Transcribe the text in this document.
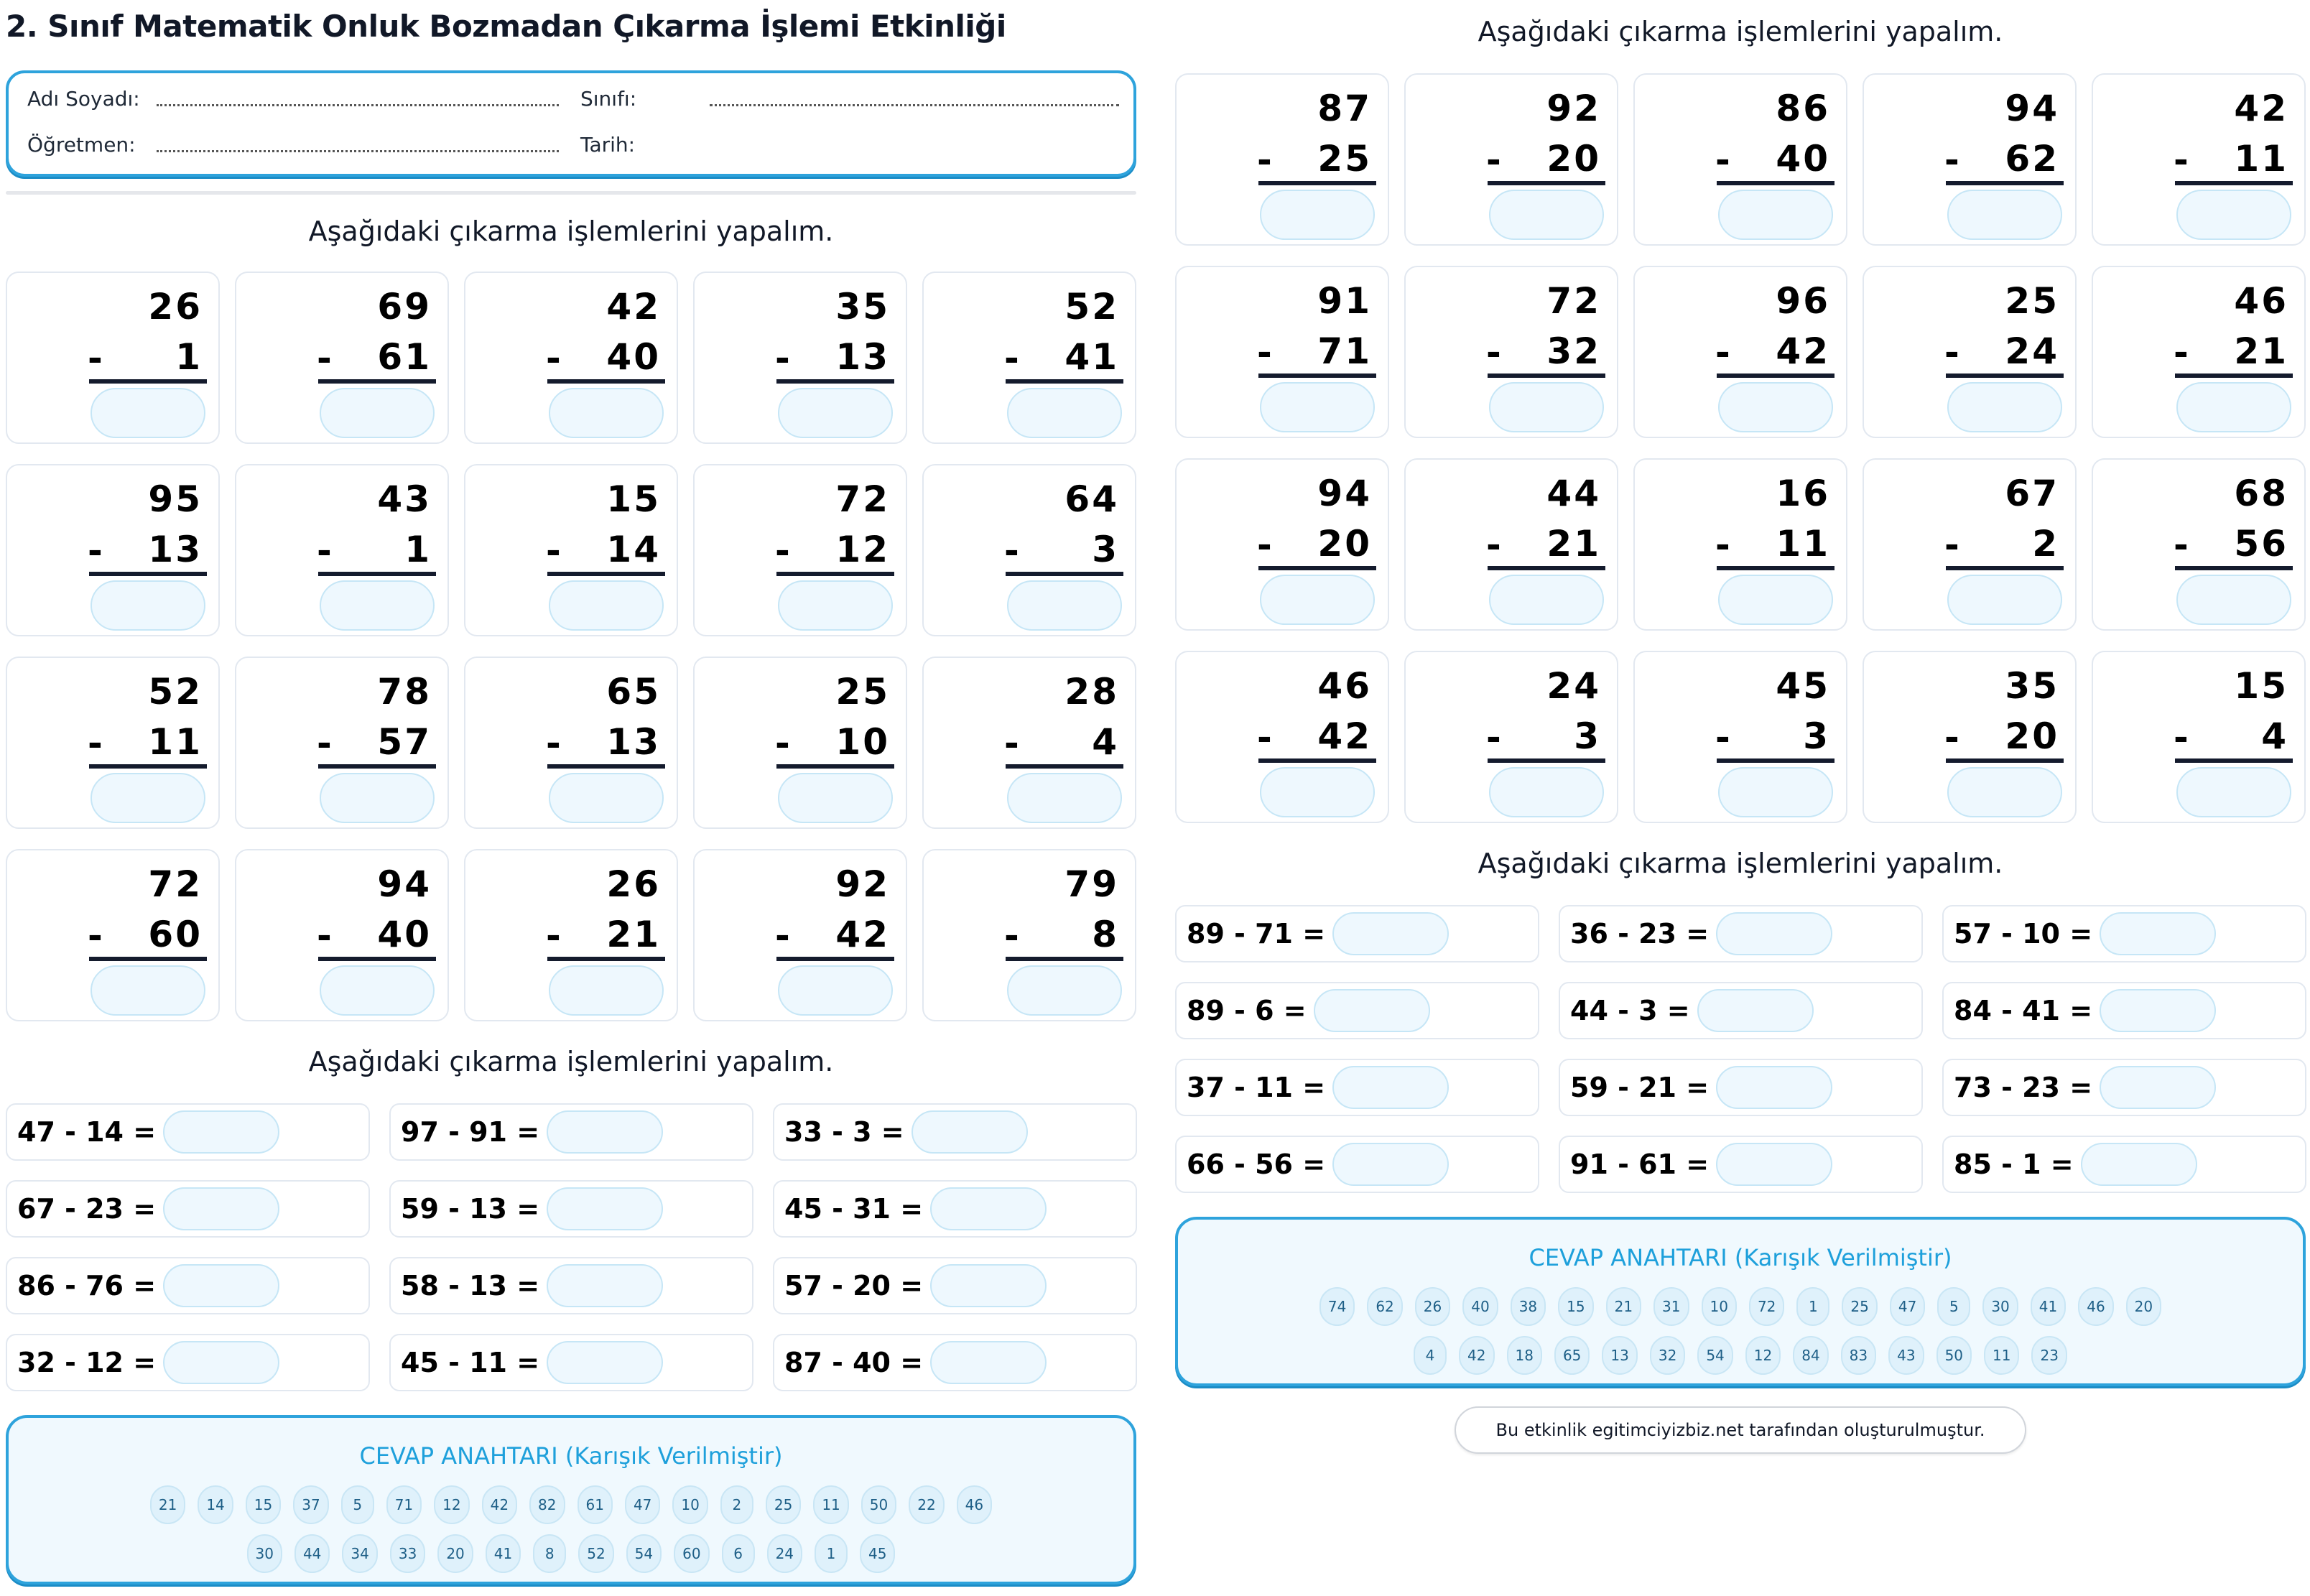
2. Sınıf Matematik Onluk Bozmadan Çıkarma İşlemi Etkinliği
Adı Soyadı:	Sınıfı:
Öğretmen:	Tarih:
Aşağıdaki çıkarma işlemlerini yapalım.
26
- 1
69
- 61
42
- 40
35
- 13
52
- 41
95
- 13
43
- 1
15
- 14
72
- 12
64
- 3
52
- 11
78
- 57
65
- 13
25
- 10
28
- 4
72
- 60
94
- 40
26
- 21
92
- 42
79
- 8
Aşağıdaki çıkarma işlemlerini yapalım.
47 - 14 =	97 - 91 =	33 - 3 =
67 - 23 =	59 - 13 =	45 - 31 =
86 - 76 =	58 - 13 =	57 - 20 =
32 - 12 =	45 - 11 =	87 - 40 =
CEVAP ANAHTARI (Karışık Verilmiştir)
21	14	15	37	5	71	12	42	82	61	47	10	2	25	11	50	22	46
30	44	34	33	20	41	8	52	54	60	6	24	1	45
Aşağıdaki çıkarma işlemlerini yapalım.
87
- 25
92
- 20
86
- 40
94
- 62
42
- 11
91
- 71
72
- 32
96
- 42
25
- 24
46
- 21
94
- 20
44
- 21
16
- 11
67
- 2
68
- 56
46
- 42
24
- 3
45
- 3
35
- 20
15
- 4
Aşağıdaki çıkarma işlemlerini yapalım.
89 - 71 =	36 - 23 =	57 - 10 =
89 - 6 =	44 - 3 =	84 - 41 =
37 - 11 =	59 - 21 =	73 - 23 =
66 - 56 =	91 - 61 =	85 - 1 =
CEVAP ANAHTARI (Karışık Verilmiştir)
74	62	26	40	38	15	21	31	10	72	1	25	47	5	30	41	46	20
4	42	18	65	13	32	54	12	84	83	43	50	11	23
Bu etkinlik egitimciyizbiz.net tarafından oluşturulmuştur.
